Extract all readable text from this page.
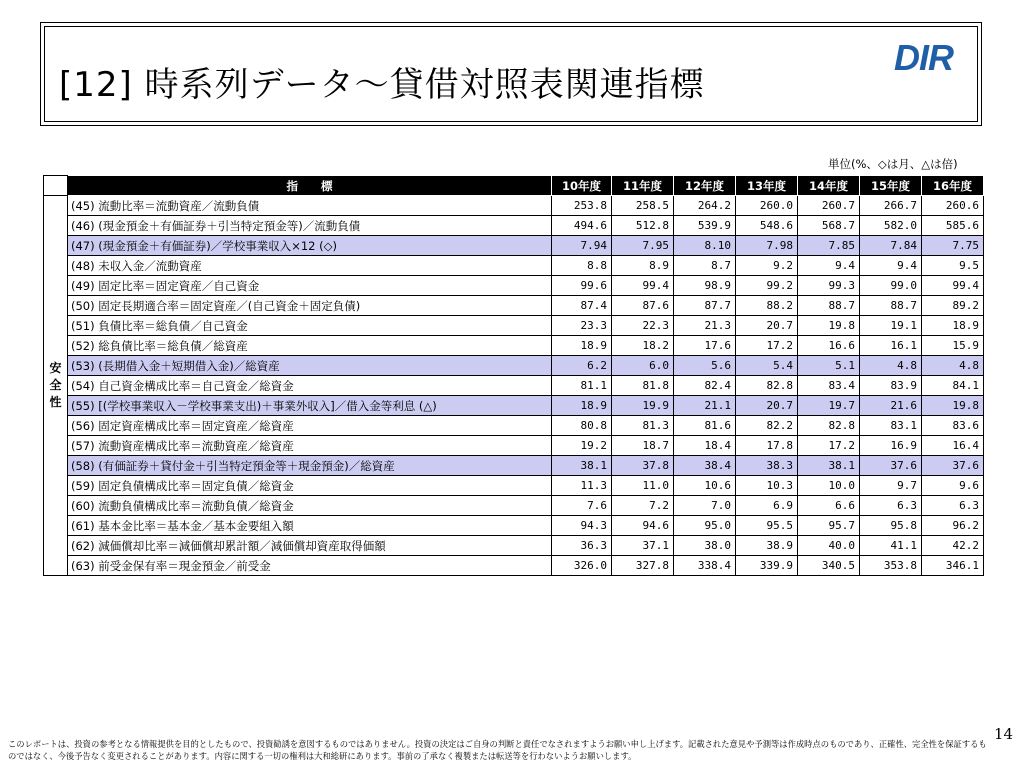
[12] 時系列データ～貸借対照表関連指標
DIR
単位(%、◇は月、△は倍)
	指　　標	10年度	11年度	12年度	13年度	14年度	15年度	16年度

安
全
性	(45) 流動比率＝流動資産／流動負債	253.8	258.5	264.2	260.0	260.7	266.7	260.6
	(46) (現金預金＋有価証券＋引当特定預金等)／流動負債	494.6	512.8	539.9	548.6	568.7	582.0	585.6
	(47) (現金預金＋有価証券)／学校事業収入×12 (◇)	7.94	7.95	8.10	7.98	7.85	7.84	7.75
	(48) 未収入金／流動資産	8.8	8.9	8.7	9.2	9.4	9.4	9.5
	(49) 固定比率＝固定資産／自己資金	99.6	99.4	98.9	99.2	99.3	99.0	99.4
	(50) 固定長期適合率＝固定資産／(自己資金＋固定負債)	87.4	87.6	87.7	88.2	88.7	88.7	89.2
	(51) 負債比率＝総負債／自己資金	23.3	22.3	21.3	20.7	19.8	19.1	18.9
	(52) 総負債比率＝総負債／総資産	18.9	18.2	17.6	17.2	16.6	16.1	15.9
	(53) (長期借入金＋短期借入金)／総資産	6.2	6.0	5.6	5.4	5.1	4.8	4.8
	(54) 自己資金構成比率＝自己資金／総資金	81.1	81.8	82.4	82.8	83.4	83.9	84.1
	(55) [(学校事業収入－学校事業支出)＋事業外収入]／借入金等利息 (△)	18.9	19.9	21.1	20.7	19.7	21.6	19.8
	(56) 固定資産構成比率＝固定資産／総資産	80.8	81.3	81.6	82.2	82.8	83.1	83.6
	(57) 流動資産構成比率＝流動資産／総資産	19.2	18.7	18.4	17.8	17.2	16.9	16.4
	(58) (有価証券＋貸付金＋引当特定預金等＋現金預金)／総資産	38.1	37.8	38.4	38.3	38.1	37.6	37.6
	(59) 固定負債構成比率＝固定負債／総資金	11.3	11.0	10.6	10.3	10.0	9.7	9.6
	(60) 流動負債構成比率＝流動負債／総資金	7.6	7.2	7.0	6.9	6.6	6.3	6.3
	(61) 基本金比率＝基本金／基本金要組入額	94.3	94.6	95.0	95.5	95.7	95.8	96.2
	(62) 減価償却比率＝減価償却累計額／減価償却資産取得価額	36.3	37.1	38.0	38.9	40.0	41.1	42.2
	(63) 前受金保有率＝現金預金／前受金	326.0	327.8	338.4	339.9	340.5	353.8	346.1
このレポートは、投資の参考となる情報提供を目的としたもので、投資勧誘を意図するものではありません。投資の決定はご自身の判断と責任でなされますようお願い申し上げます。記載された意見や予測等は作成時点のものであり、正確性、完全性を保証するものではなく、今後予告なく変更されることがあります。内容に関する一切の権利は大和総研にあります。事前の了承なく複製または転送等を行わないようお願いします。
14
